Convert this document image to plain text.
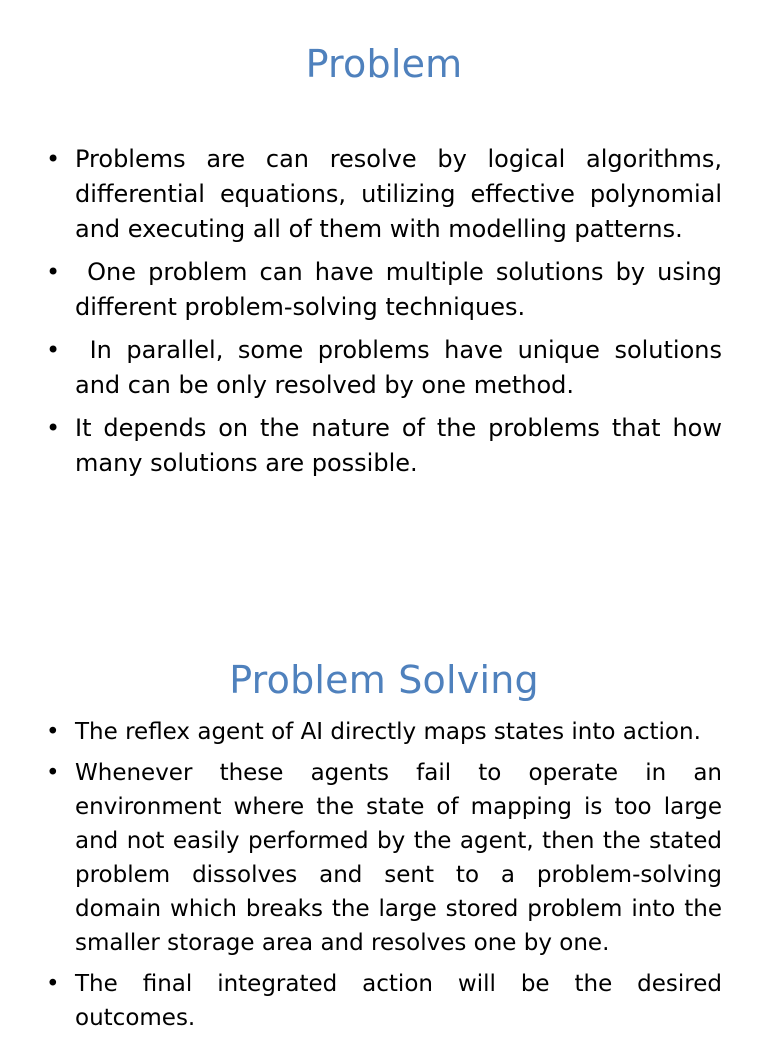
Problem
• Problems are can resolve by logical algorithms, differential equations, utilizing effective polynomial and executing all of them with modelling patterns.
• One problem can have multiple solutions by using different problem-solving techniques.
• In parallel, some problems have unique solutions and can be only resolved by one method.
• It depends on the nature of the problems that how many solutions are possible.
Problem Solving
• The reflex agent of AI directly maps states into action.
• Whenever these agents fail to operate in an environment where the state of mapping is too large and not easily performed by the agent, then the stated problem dissolves and sent to a problem-solving domain which breaks the large stored problem into the smaller storage area and resolves one by one.
• The final integrated action will be the desired outcomes.
